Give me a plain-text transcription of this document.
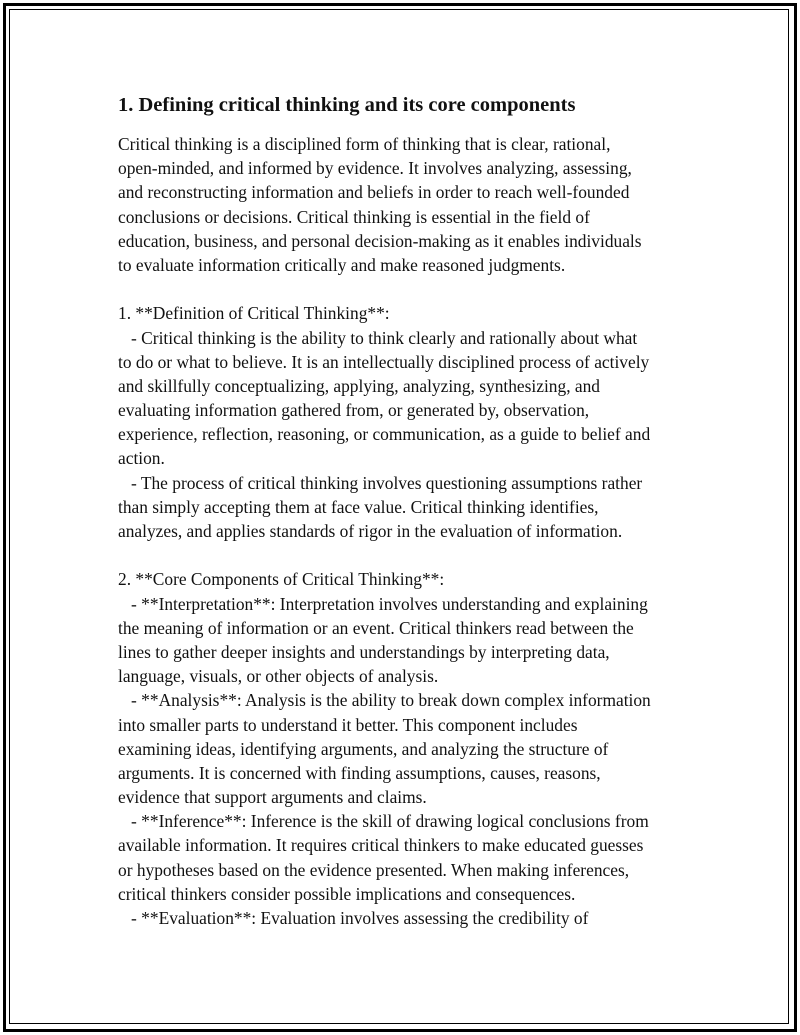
1. Defining critical thinking and its core components
Critical thinking is a disciplined form of thinking that is clear, rational,
open-minded, and informed by evidence. It involves analyzing, assessing,
and reconstructing information and beliefs in order to reach well-founded
conclusions or decisions. Critical thinking is essential in the field of
education, business, and personal decision-making as it enables individuals
to evaluate information critically and make reasoned judgments.
1. **Definition of Critical Thinking**:
- Critical thinking is the ability to think clearly and rationally about what
to do or what to believe. It is an intellectually disciplined process of actively
and skillfully conceptualizing, applying, analyzing, synthesizing, and
evaluating information gathered from, or generated by, observation,
experience, reflection, reasoning, or communication, as a guide to belief and
action.
- The process of critical thinking involves questioning assumptions rather
than simply accepting them at face value. Critical thinking identifies,
analyzes, and applies standards of rigor in the evaluation of information.
2. **Core Components of Critical Thinking**:
- **Interpretation**: Interpretation involves understanding and explaining
the meaning of information or an event. Critical thinkers read between the
lines to gather deeper insights and understandings by interpreting data,
language, visuals, or other objects of analysis.
- **Analysis**: Analysis is the ability to break down complex information
into smaller parts to understand it better. This component includes
examining ideas, identifying arguments, and analyzing the structure of
arguments. It is concerned with finding assumptions, causes, reasons,
evidence that support arguments and claims.
- **Inference**: Inference is the skill of drawing logical conclusions from
available information. It requires critical thinkers to make educated guesses
or hypotheses based on the evidence presented. When making inferences,
critical thinkers consider possible implications and consequences.
- **Evaluation**: Evaluation involves assessing the credibility of
